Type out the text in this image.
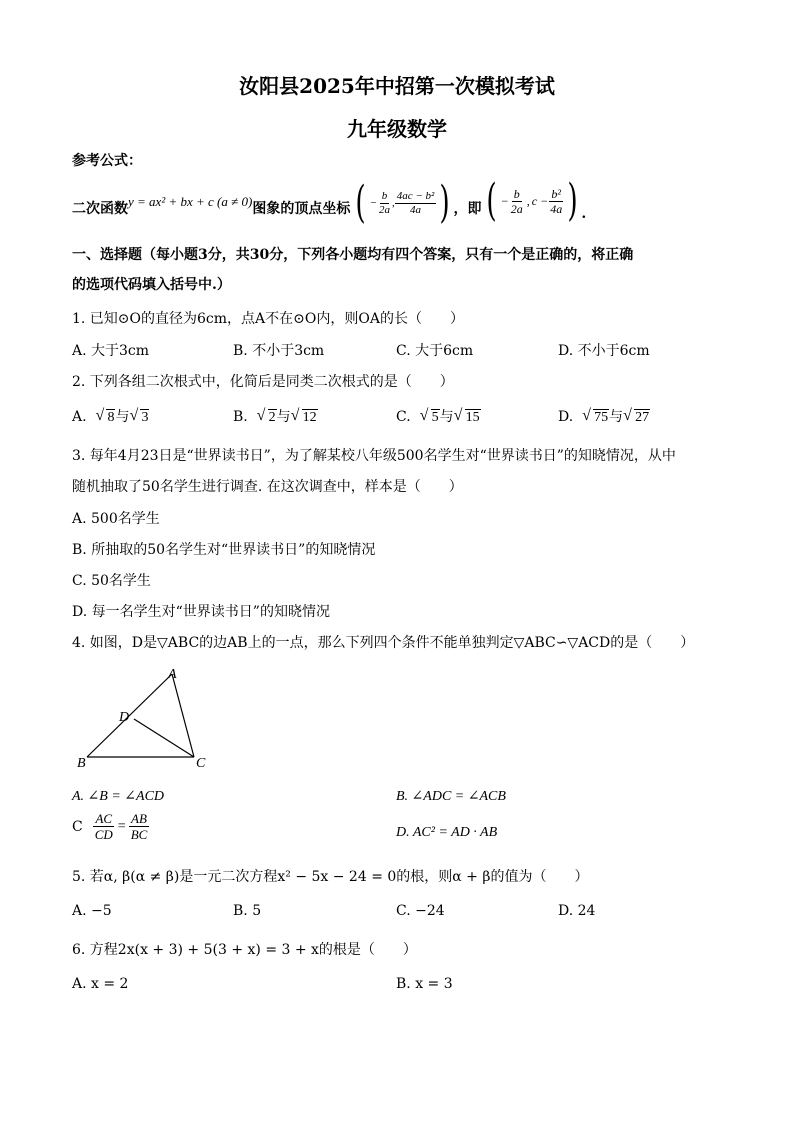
汝阳县2025年中招第一次模拟考试
九年级数学
参考公式：
二次函数 y = ax² + bx + c (a ≠ 0) 图象的顶点坐标 ( − $\frac{b}{2a}$ , $\frac{\text{4ac − b²}}{4a}$ ) ，即 ( − $\frac{b}{2a}$ , $c - \frac{\text{b²}}{4a}$ ) .
一、选择题（每小题3分，共30分，下列各小题均有四个答案，只有一个是正确的，将正确
的选项代码填入括号中.）
1. 已知⊙O的直径为6cm，点A不在⊙O内，则OA的长（　　）
A. 大于3cm	B. 不小于3cm	C. 大于6cm	D. 不小于6cm
2. 下列各组二次根式中，化简后是同类二次根式的是（　　）
A. √ 8与 √ 3	B. √ 2与 √ 12	C. √ 5与 √ 15	D. √ 75与 √ 27
3. 每年4月23日是“世界读书日”，为了解某校八年级500名学生对“世界读书日”的知晓情况，从中
随机抽取了50名学生进行调查. 在这次调查中，样本是（　　）
A. 500名学生
B. 所抽取的50名学生对“世界读书日”的知晓情况
C. 50名学生
D. 每一名学生对“世界读书日”的知晓情况
4. 如图，D是▽ABC的边AB上的一点，那么下列四个条件不能单独判定▽ABC∽▽ACD的是（　　）
A
D
B	C
A. ∠B = ∠ACD	B. ∠ADC = ∠ACB
C $\frac{AC}{CD} = \frac{AB}{BC}$	D. AC² = AD · AB
5. 若α, β(α ≠ β)是一元二次方程x² − 5x − 24 = 0的根，则α + β的值为（　　）
A. −5	B. 5	C. −24	D. 24
6. 方程2x(x + 3) + 5(3 + x) = 3 + x的根是（　　）
A. x = 2	B. x = 3
